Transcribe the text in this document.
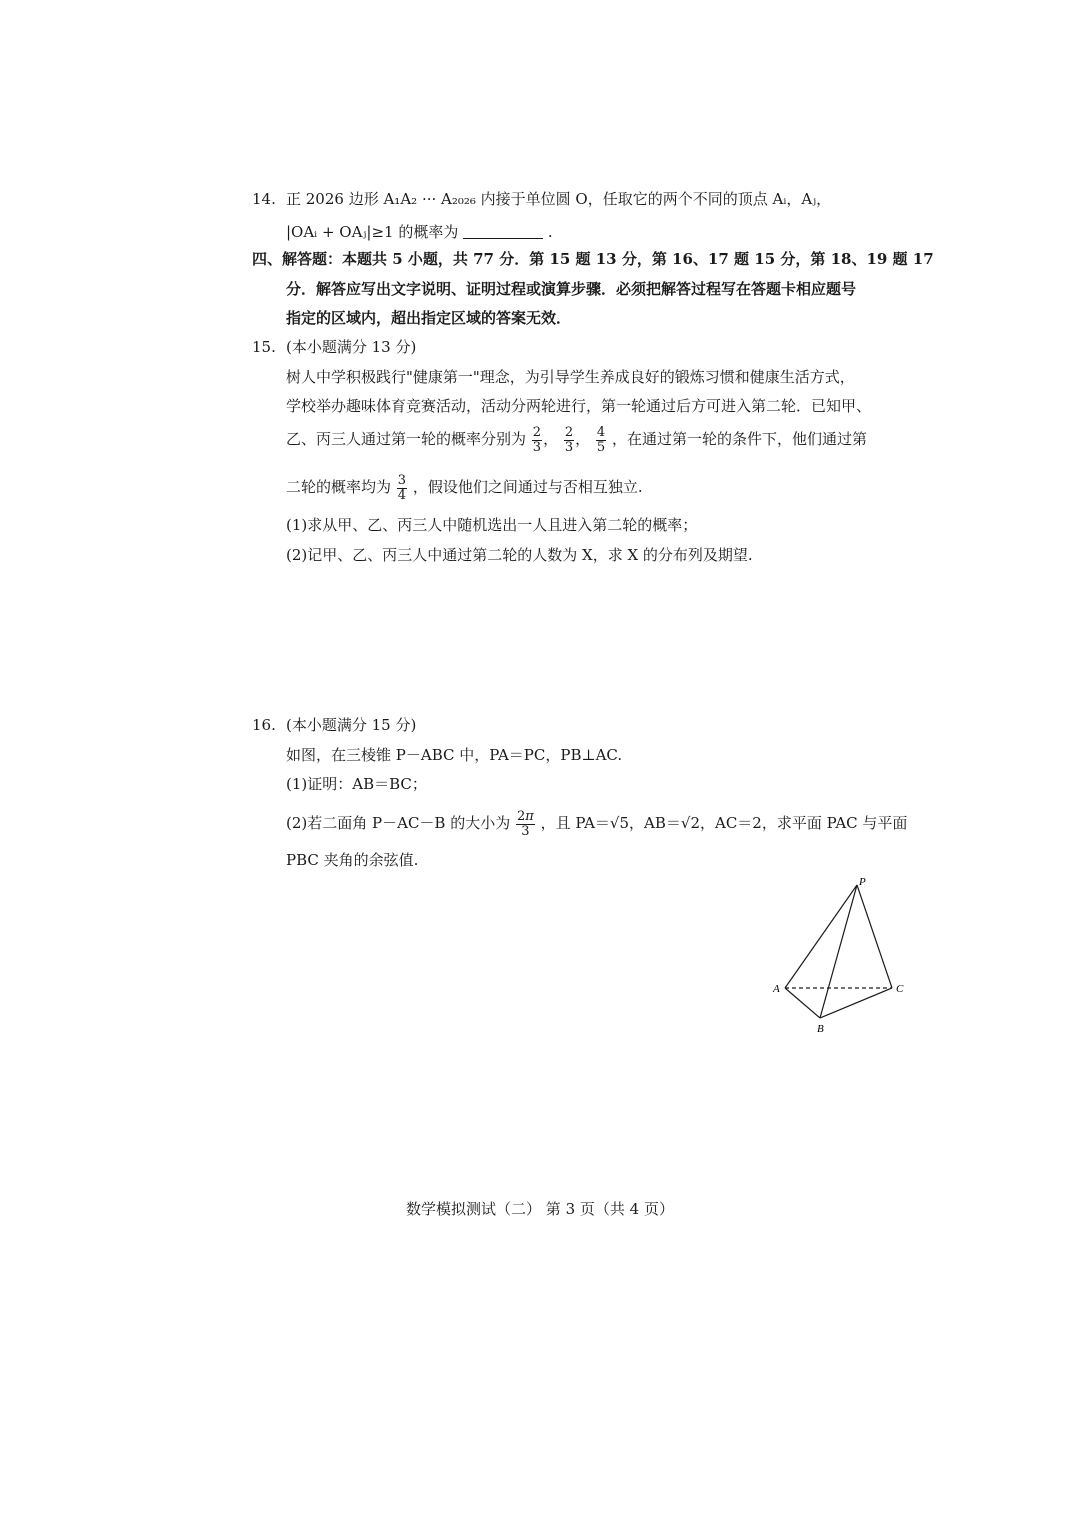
14. 正 2026 边形 A₁A₂ ··· A₂₀₂₆ 内接于单位圆 O，任取它的两个不同的顶点 Aᵢ，Aⱼ，
|OAᵢ + OAⱼ|≥1 的概率为	.
四、解答题：本题共 5 小题，共 77 分．第 15 题 13 分，第 16、17 题 15 分，第 18、19 题 17
分．解答应写出文字说明、证明过程或演算步骤．必须把解答过程写在答题卡相应题号
指定的区域内，超出指定区域的答案无效．
15. (本小题满分 13 分)
树人中学积极践行"健康第一"理念，为引导学生养成良好的锻炼习惯和健康生活方式，
学校举办趣味体育竞赛活动，活动分两轮进行，第一轮通过后方可进入第二轮．已知甲、
乙、丙三人通过第一轮的概率分别为 $\frac{2}{3}$ ， $\frac{2}{3}$ ， $\frac{4}{5}$ ，在通过第一轮的条件下，他们通过第
二轮的概率均为 $\frac{3}{4}$ ，假设他们之间通过与否相互独立.
(1)求从甲、乙、丙三人中随机选出一人且进入第二轮的概率；
(2)记甲、乙、丙三人中通过第二轮的人数为 X，求 X 的分布列及期望.
16. (本小题满分 15 分)
如图，在三棱锥 P－ABC 中，PA＝PC，PB⊥AC.
(1)证明：AB＝BC；
(2)若二面角 P－AC－B 的大小为 $\frac{2\pi}{3}$ ，且 PA＝√5，AB＝√2，AC＝2，求平面 PAC 与平面
PBC 夹角的余弦值.
P
A	C
B
数学模拟测试（二） 第 3 页（共 4 页）
